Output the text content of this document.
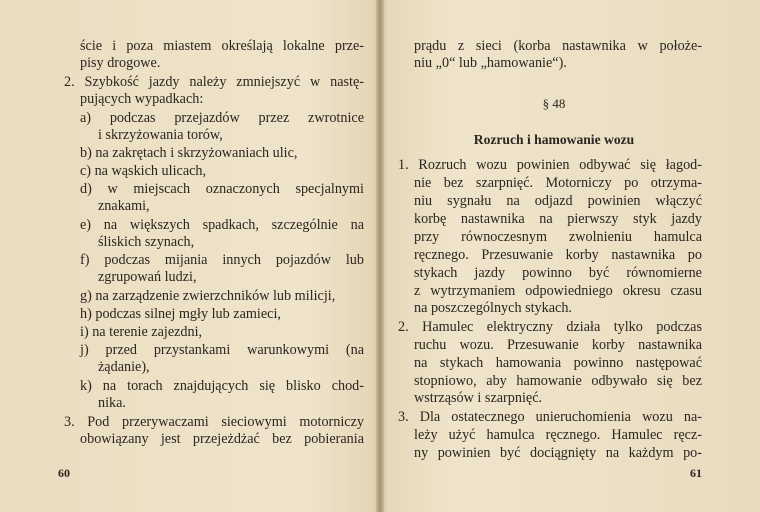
ście i poza miastem określają lokalne prze-
pisy drogowe.
2. Szybkość jazdy należy zmniejszyć w nastę-
pujących wypadkach:
a) podczas przejazdów przez zwrotnice
i skrzyżowania torów,
b) na zakrętach i skrzyżowaniach ulic,
c) na wąskich ulicach,
d) w miejscach oznaczonych specjalnymi
znakami,
e) na większych spadkach, szczególnie na
śliskich szynach,
f) podczas mijania innych pojazdów lub
zgrupowań ludzi,
g) na zarządzenie zwierzchników lub milicji,
h) podczas silnej mgły lub zamieci,
i) na terenie zajezdni,
j) przed przystankami warunkowymi (na
żądanie),
k) na torach znajdujących się blisko chod-
nika.
3. Pod przerywaczami sieciowymi motorniczy
obowiązany jest przejeżdżać bez pobierania
60
prądu z sieci (korba nastawnika w położe-
niu „0“ lub „hamowanie“).
§ 48
Rozruch i hamowanie wozu
1. Rozruch wozu powinien odbywać się łagod-
nie bez szarpnięć. Motorniczy po otrzyma-
niu sygnału na odjazd powinien włączyć
korbę nastawnika na pierwszy styk jazdy
przy równoczesnym zwolnieniu hamulca
ręcznego. Przesuwanie korby nastawnika po
stykach jazdy powinno być równomierne
z wytrzymaniem odpowiedniego okresu czasu
na poszczególnych stykach.
2. Hamulec elektryczny działa tylko podczas
ruchu wozu. Przesuwanie korby nastawnika
na stykach hamowania powinno następować
stopniowo, aby hamowanie odbywało się bez
wstrząsów i szarpnięć.
3. Dla ostatecznego unieruchomienia wozu na-
leży użyć hamulca ręcznego. Hamulec ręcz-
ny powinien być dociągnięty na każdym po-
61
